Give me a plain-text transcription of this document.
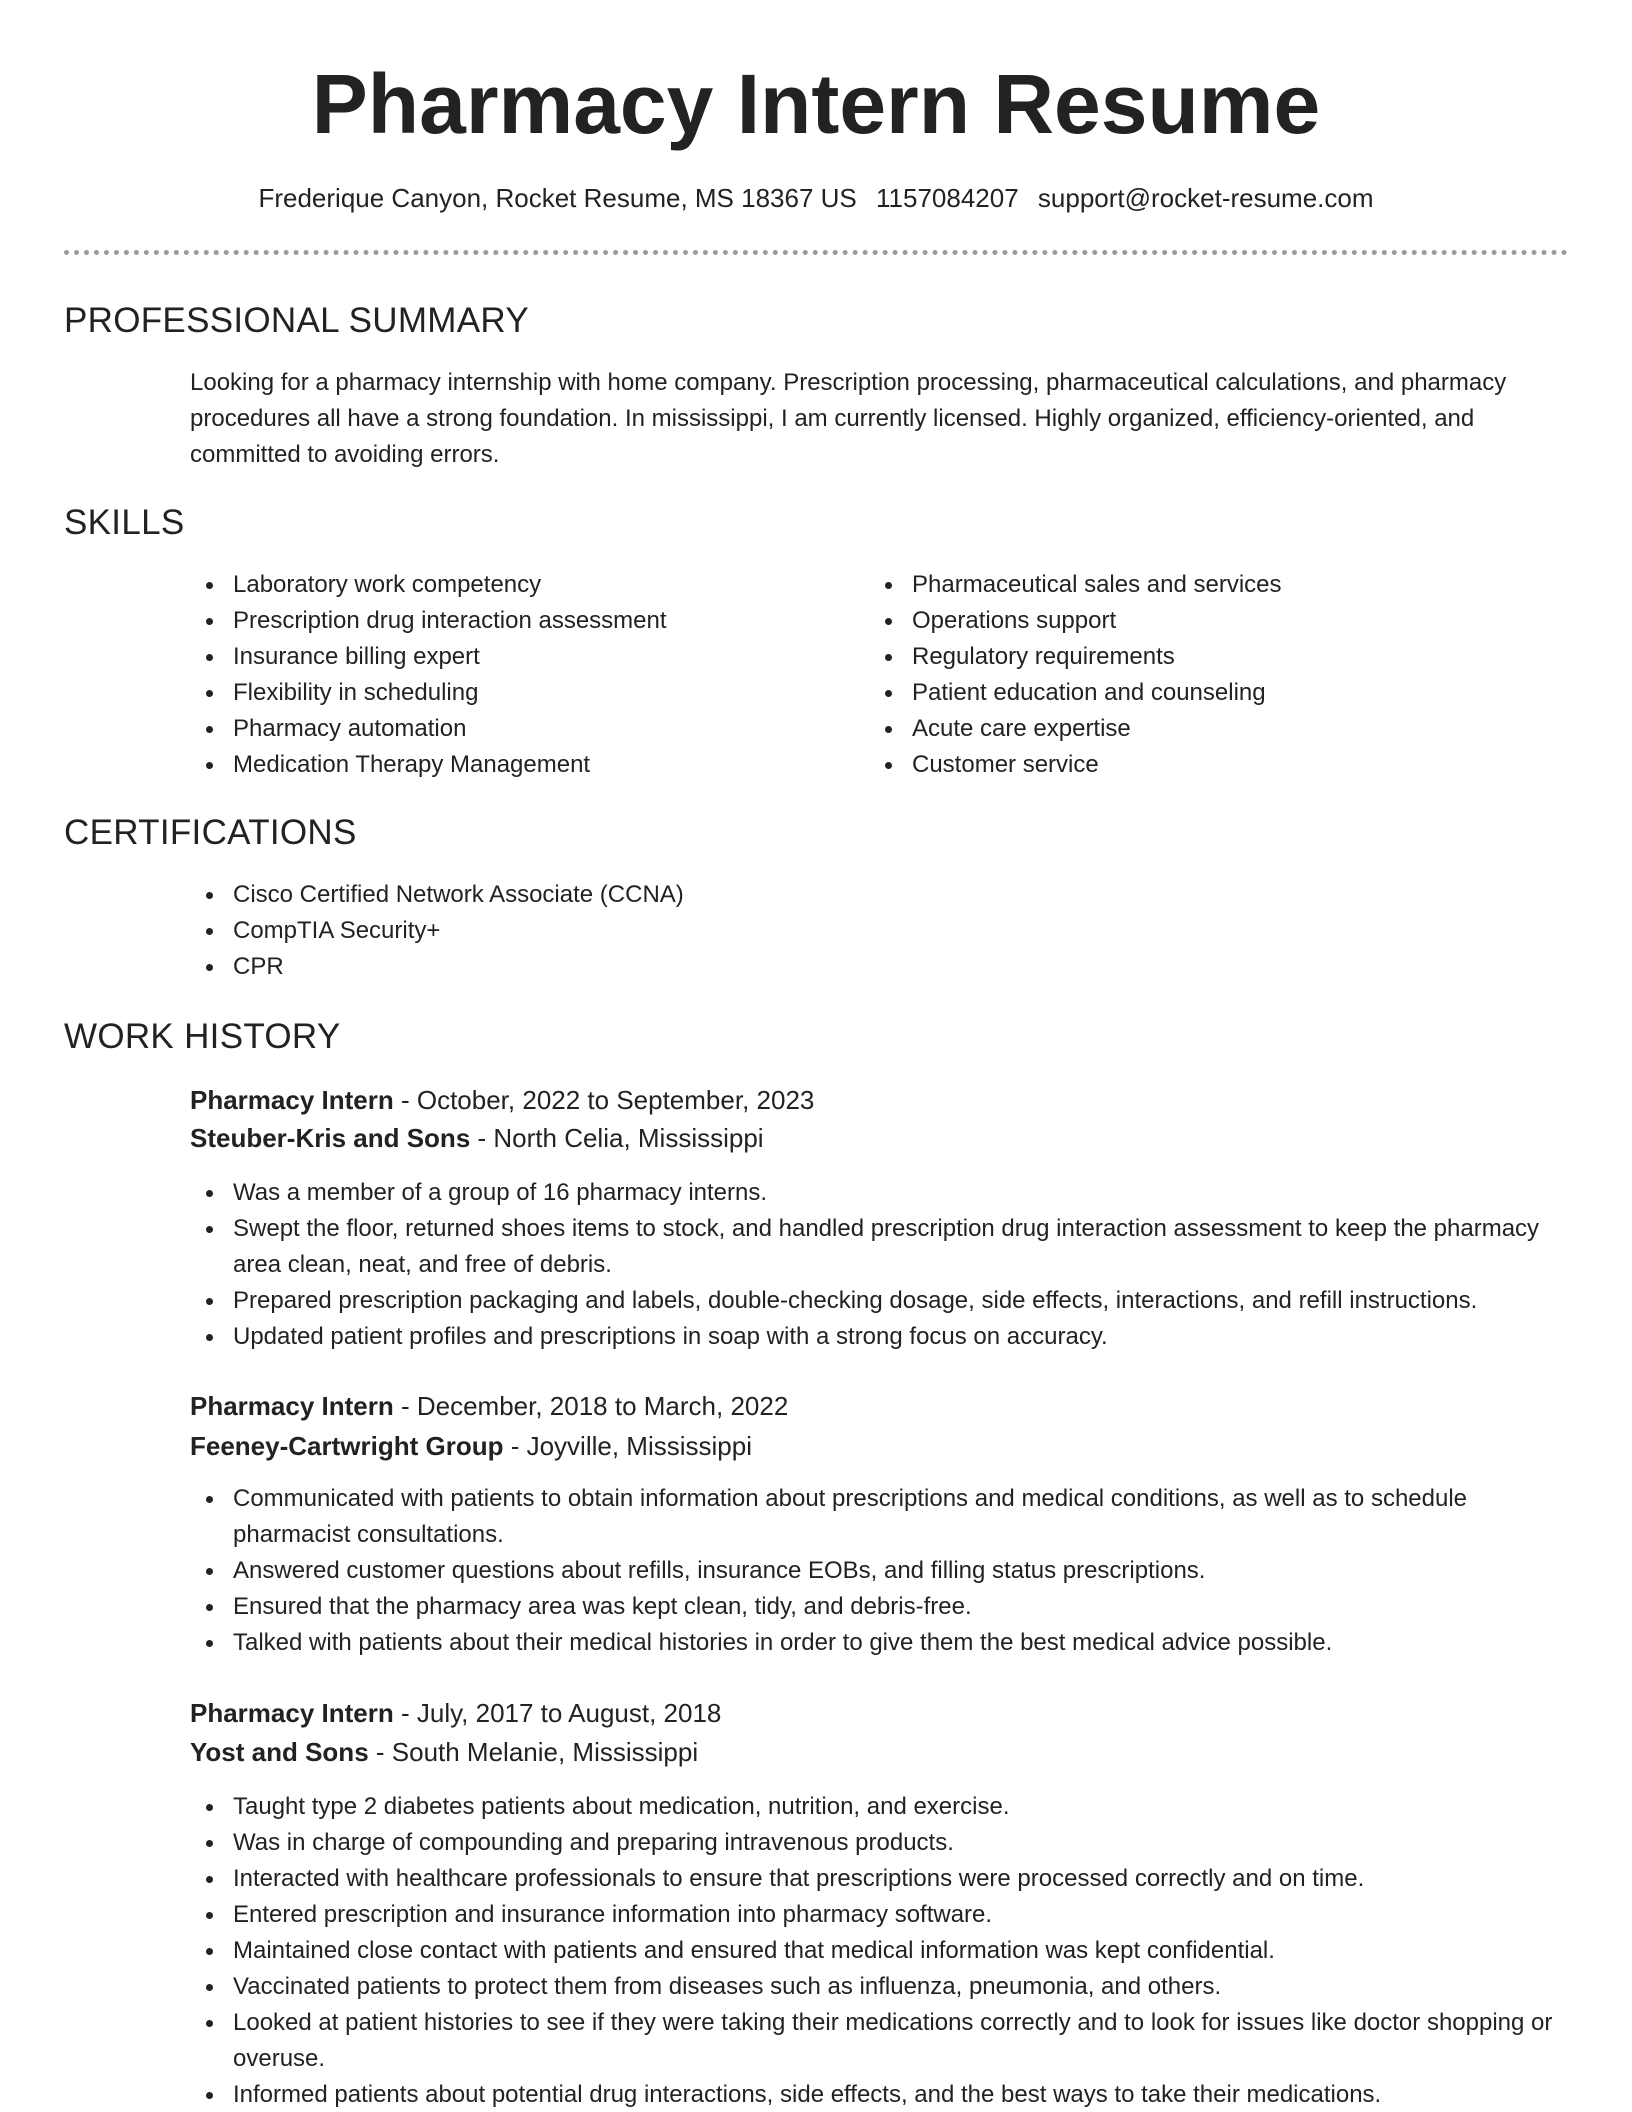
Pharmacy Intern Resume
Frederique Canyon, Rocket Resume, MS 18367 US 1157084207 support@rocket-resume.com
PROFESSIONAL SUMMARY

Looking for a pharmacy internship with home company. Prescription processing, pharmaceutical calculations, and pharmacy procedures all have a strong foundation. In mississippi, I am currently licensed. Highly organized, efficiency-oriented, and committed to avoiding errors.

SKILLS
Laboratory work competency
Prescription drug interaction assessment
Insurance billing expert
Flexibility in scheduling
Pharmacy automation
Medication Therapy Management
Pharmaceutical sales and services
Operations support
Regulatory requirements
Patient education and counseling
Acute care expertise
Customer service
CERTIFICATIONS
Cisco Certified Network Associate (CCNA)
CompTIA Security+
CPR
WORK HISTORY
Pharmacy Intern - October, 2022 to September, 2023
Steuber-Kris and Sons - North Celia, Mississippi
Was a member of a group of 16 pharmacy interns.
Swept the floor, returned shoes items to stock, and handled prescription drug interaction assessment to keep the pharmacy area clean, neat, and free of debris.
Prepared prescription packaging and labels, double-checking dosage, side effects, interactions, and refill instructions.
Updated patient profiles and prescriptions in soap with a strong focus on accuracy.
Pharmacy Intern - December, 2018 to March, 2022
Feeney-Cartwright Group - Joyville, Mississippi
Communicated with patients to obtain information about prescriptions and medical conditions, as well as to schedule pharmacist consultations.
Answered customer questions about refills, insurance EOBs, and filling status prescriptions.
Ensured that the pharmacy area was kept clean, tidy, and debris-free.
Talked with patients about their medical histories in order to give them the best medical advice possible.
Pharmacy Intern - July, 2017 to August, 2018
Yost and Sons - South Melanie, Mississippi
Taught type 2 diabetes patients about medication, nutrition, and exercise.
Was in charge of compounding and preparing intravenous products.
Interacted with healthcare professionals to ensure that prescriptions were processed correctly and on time.
Entered prescription and insurance information into pharmacy software.
Maintained close contact with patients and ensured that medical information was kept confidential.
Vaccinated patients to protect them from diseases such as influenza, pneumonia, and others.
Looked at patient histories to see if they were taking their medications correctly and to look for issues like doctor shopping or overuse.
Informed patients about potential drug interactions, side effects, and the best ways to take their medications.
